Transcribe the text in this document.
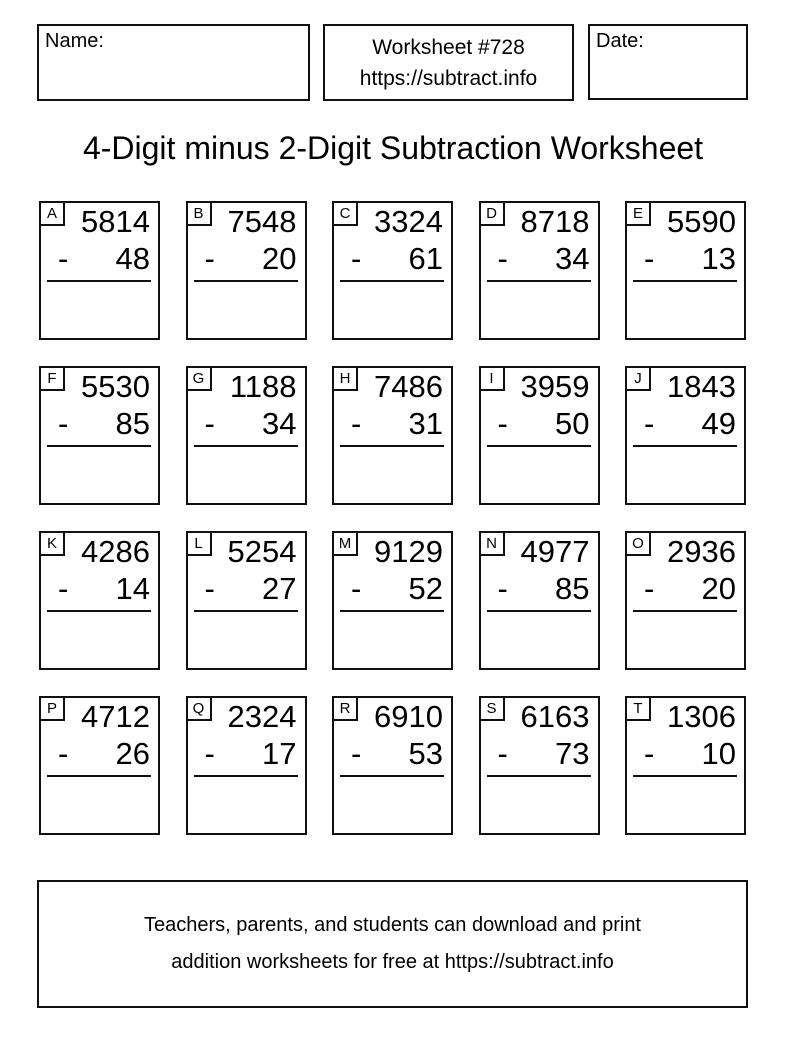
Name:	Worksheet #728
https://subtract.info
Date:
4-Digit minus 2-Digit Subtraction Worksheet
A 5814
- 48
B 7548
- 20
C 3324
- 61
D 8718
- 34
E 5590
- 13
F 5530
- 85
G 1188
- 34
H 7486
- 31
I 3959
- 50
J 1843
- 49
K 4286
- 14
L 5254
- 27
M 9129
- 52
N 4977
- 85
O 2936
- 20
P 4712
- 26
Q 2324
- 17
R 6910
- 53
S 6163
- 73
T 1306
- 10
Teachers, parents, and students can download and print
addition worksheets for free at https://subtract.info
